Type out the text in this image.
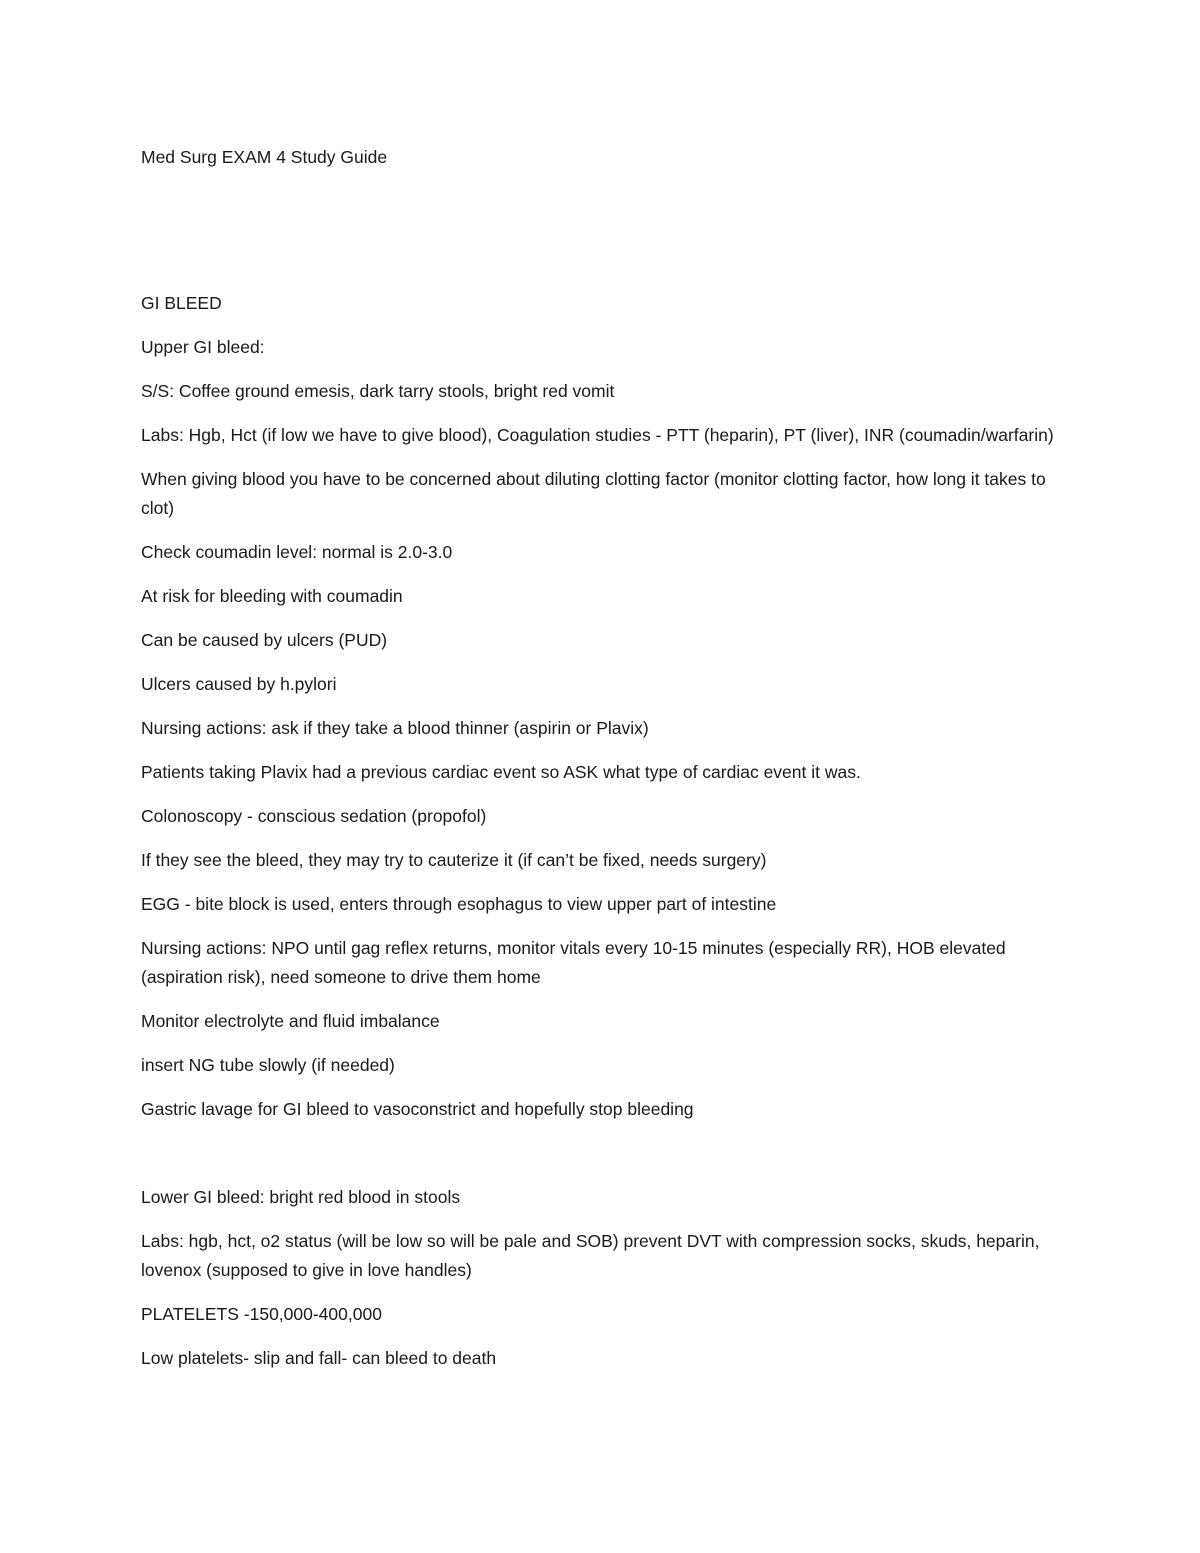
Med Surg EXAM 4 Study Guide

GI BLEED

Upper GI bleed:

S/S: Coffee ground emesis, dark tarry stools, bright red vomit

Labs: Hgb, Hct (if low we have to give blood), Coagulation studies - PTT (heparin), PT (liver), INR (coumadin/warfarin)

When giving blood you have to be concerned about diluting clotting factor (monitor clotting factor, how long it takes to clot)

Check coumadin level: normal is 2.0-3.0

At risk for bleeding with coumadin

Can be caused by ulcers (PUD)

Ulcers caused by h.pylori

Nursing actions: ask if they take a blood thinner (aspirin or Plavix)

Patients taking Plavix had a previous cardiac event so ASK what type of cardiac event it was.

Colonoscopy - conscious sedation (propofol)

If they see the bleed, they may try to cauterize it (if can’t be fixed, needs surgery)

EGG - bite block is used, enters through esophagus to view upper part of intestine

Nursing actions: NPO until gag reflex returns, monitor vitals every 10-15 minutes (especially RR), HOB elevated (aspiration risk), need someone to drive them home

Monitor electrolyte and fluid imbalance

insert NG tube slowly (if needed)

Gastric lavage for GI bleed to vasoconstrict and hopefully stop bleeding

Lower GI bleed: bright red blood in stools

Labs: hgb, hct, o2 status (will be low so will be pale and SOB) prevent DVT with compression socks, skuds, heparin, lovenox (supposed to give in love handles)

PLATELETS -150,000-400,000

Low platelets- slip and fall- can bleed to death
